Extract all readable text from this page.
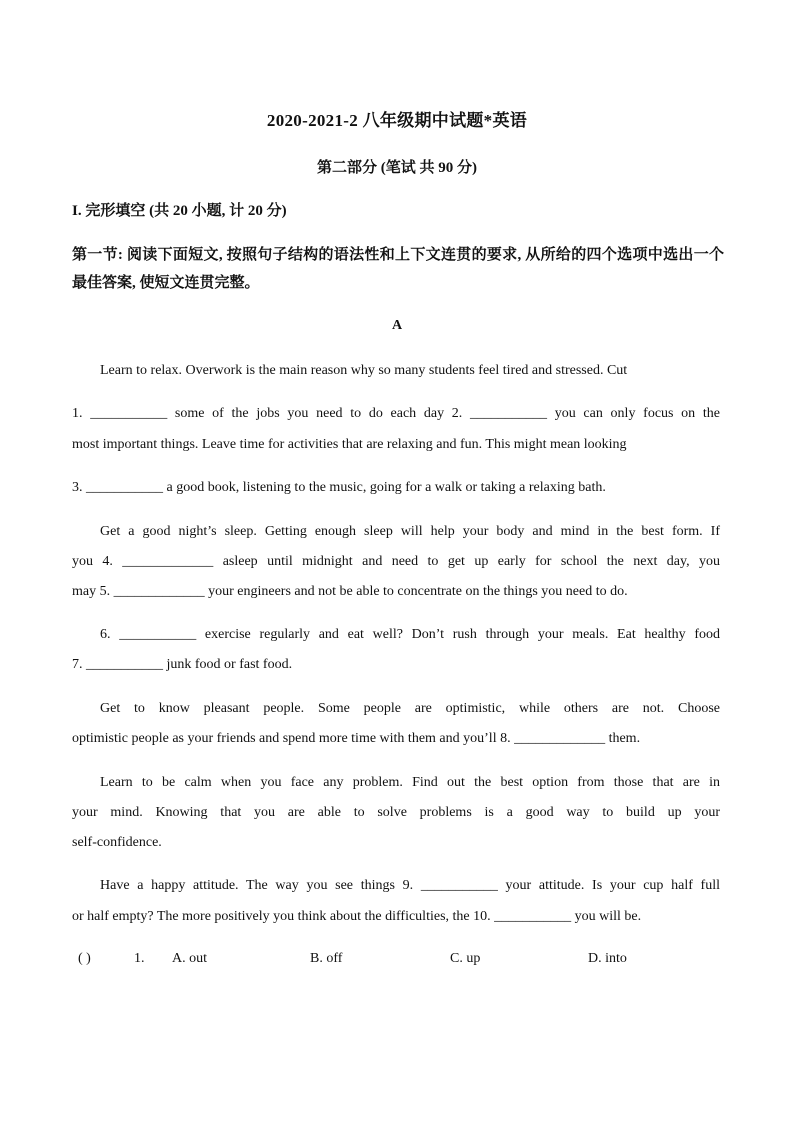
2020-2021-2 八年级期中试题*英语
第二部分 (笔试 共 90 分)
I. 完形填空 (共 20 小题, 计 20 分)
第一节: 阅读下面短文, 按照句子结构的语法性和上下文连贯的要求, 从所给的四个选项中选出一个最佳答案, 使短文连贯完整。
A
Learn to relax. Overwork is the main reason why so many students feel tired and stressed. Cut
1. ___________ some of the jobs you need to do each day 2. ___________ you can only focus on the
most important things. Leave time for activities that are relaxing and fun. This might mean looking
3. ___________ a good book, listening to the music, going for a walk or taking a relaxing bath.
Get a good night’s sleep. Getting enough sleep will help your body and mind in the best form. If
you 4. _____________ asleep until midnight and need to get up early for school the next day, you
may 5. _____________ your engineers and not be able to concentrate on the things you need to do.
6. ___________ exercise regularly and eat well? Don’t rush through your meals. Eat healthy food
7. ___________ junk food or fast food.
Get to know pleasant people. Some people are optimistic, while others are not. Choose
optimistic people as your friends and spend more time with them and you’ll 8. _____________ them.
Learn to be calm when you face any problem. Find out the best option from those that are in
your mind. Knowing that you are able to solve problems is a good way to build up your
self-confidence.
Have a happy attitude. The way you see things 9. ___________ your attitude. Is your cup half full
or half empty? The more positively you think about the difficulties, the 10. ___________ you will be.
( )	1. A. out	B. off	C. up	D. into
